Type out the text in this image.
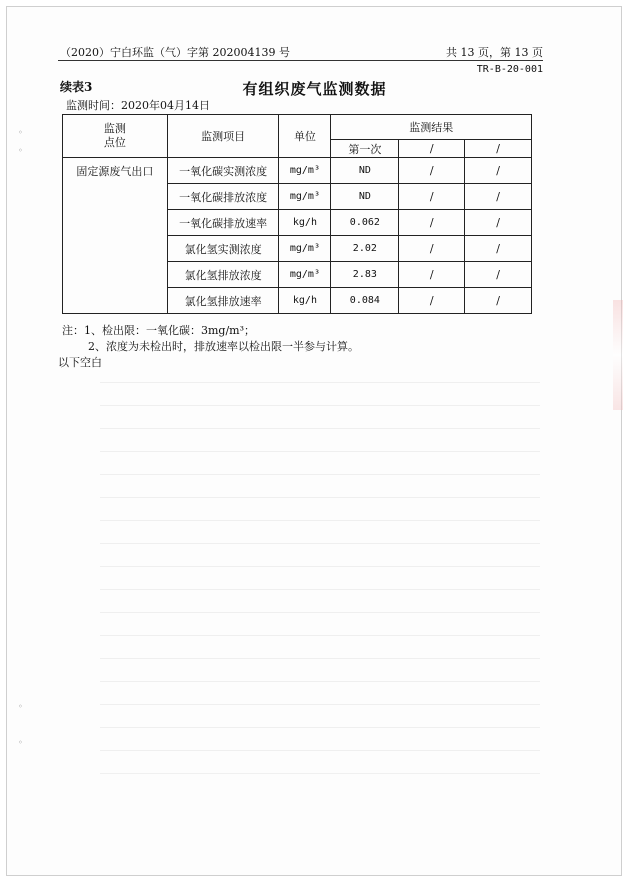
（2020）宁白环监（气）字第 202004139 号	共 13 页，第 13 页
TR-B-20-001
续表3	有组织废气监测数据
监测时间：2020年04月14日
监测
点位	监测项目	单位	监测结果		
			第一次	/	/
固定源废气出口	一氧化碳实测浓度	mg/m³	ND	/	/
	一氧化碳排放浓度	mg/m³	ND	/	/
	一氧化碳排放速率	kg/h	0.062	/	/
	氯化氢实测浓度	mg/m³	2.02	/	/
	氯化氢排放浓度	mg/m³	2.83	/	/
	氯化氢排放速率	kg/h	0.084	/	/
注：1、检出限：一氧化碳：3mg/m³；
2、浓度为未检出时，排放速率以检出限一半参与计算。
以下空白
◦
◦
◦
◦
